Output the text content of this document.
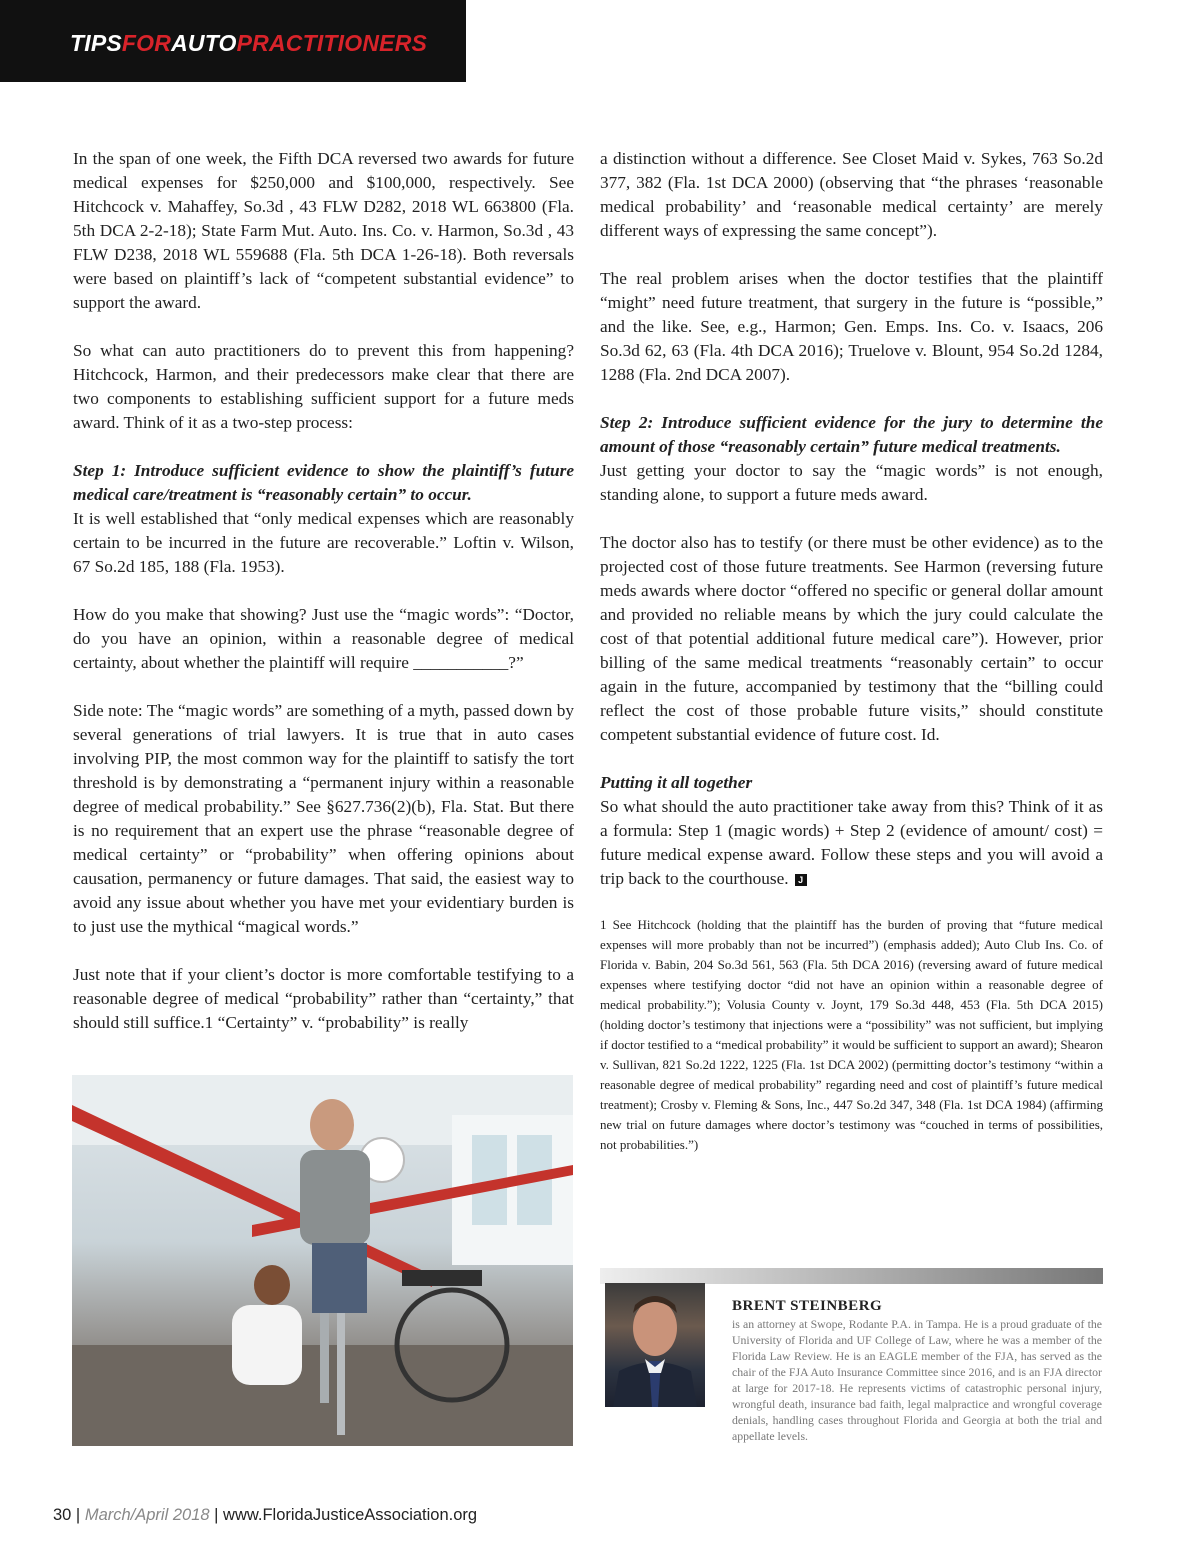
TIPSFORAUTOPRACTITIONERS

In the span of one week, the Fifth DCA reversed two awards for future medical expenses for $250,000 and $100,000, respectively. See Hitchcock v. Mahaffey, So.3d , 43 FLW D282, 2018 WL 663800 (Fla. 5th DCA 2-2-18); State Farm Mut. Auto. Ins. Co. v. Harmon, So.3d , 43 FLW D238, 2018 WL 559688 (Fla. 5th DCA 1-26-18). Both reversals were based on plaintiff’s lack of “competent substantial evidence” to support the award.

So what can auto practitioners do to prevent this from happening? Hitchcock, Harmon, and their predecessors make clear that there are two components to establishing sufficient support for a future meds award. Think of it as a two-step process:

Step 1: Introduce sufficient evidence to show the plaintiff’s future medical care/treatment is “reasonably certain” to occur.

It is well established that “only medical expenses which are reasonably certain to be incurred in the future are recoverable.” Loftin v. Wilson, 67 So.2d 185, 188 (Fla. 1953).

How do you make that showing? Just use the “magic words”: “Doctor, do you have an opinion, within a reasonable degree of medical certainty, about whether the plaintiff will require ___________?”

Side note: The “magic words” are something of a myth, passed down by several generations of trial lawyers. It is true that in auto cases involving PIP, the most common way for the plaintiff to satisfy the tort threshold is by demonstrating a “permanent injury within a reasonable degree of medical probability.” See §627.736(2)(b), Fla. Stat. But there is no requirement that an expert use the phrase “reasonable degree of medical certainty” or “probability” when offering opinions about causation, permanency or future damages. That said, the easiest way to avoid any issue about whether you have met your evidentiary burden is to just use the mythical “magical words.”

Just note that if your client’s doctor is more comfortable testifying to a reasonable degree of medical “probability” rather than “certainty,” that should still suffice.1 “Certainty” v. “probability” is really

a distinction without a difference. See Closet Maid v. Sykes, 763 So.2d 377, 382 (Fla. 1st DCA 2000) (observing that “the phrases ‘reasonable medical probability’ and ‘reasonable medical certainty’ are merely different ways of expressing the same concept”).

The real problem arises when the doctor testifies that the plaintiff “might” need future treatment, that surgery in the future is “possible,” and the like. See, e.g., Harmon; Gen. Emps. Ins. Co. v. Isaacs, 206 So.3d 62, 63 (Fla. 4th DCA 2016); Truelove v. Blount, 954 So.2d 1284, 1288 (Fla. 2nd DCA 2007).

Step 2: Introduce sufficient evidence for the jury to determine the amount of those “reasonably certain” future medical treatments.

Just getting your doctor to say the “magic words” is not enough, standing alone, to support a future meds award.

The doctor also has to testify (or there must be other evidence) as to the projected cost of those future treatments. See Harmon (reversing future meds awards where doctor “offered no specific or general dollar amount and provided no reliable means by which the jury could calculate the cost of that potential additional future medical care”). However, prior billing of the same medical treatments “reasonably certain” to occur again in the future, accompanied by testimony that the “billing could reflect the cost of those probable future visits,” should constitute competent substantial evidence of future cost. Id.

Putting it all together

So what should the auto practitioner take away from this? Think of it as a formula: Step 1 (magic words) + Step 2 (evidence of amount/ cost) = future medical expense award. Follow these steps and you will avoid a trip back to the courthouse. J

1 See Hitchcock (holding that the plaintiff has the burden of proving that “future medical expenses will more probably than not be incurred”) (emphasis added); Auto Club Ins. Co. of Florida v. Babin, 204 So.3d 561, 563 (Fla. 5th DCA 2016) (reversing award of future medical expenses where testifying doctor “did not have an opinion within a reasonable degree of medical probability.”); Volusia County v. Joynt, 179 So.3d 448, 453 (Fla. 5th DCA 2015) (holding doctor’s testimony that injections were a “possibility” was not sufficient, but implying if doctor testified to a “medical probability” it would be sufficient to support an award); Shearon v. Sullivan, 821 So.2d 1222, 1225 (Fla. 1st DCA 2002) (permitting doctor’s testimony “within a reasonable degree of medical probability” regarding need and cost of plaintiff’s future medical treatment); Crosby v. Fleming & Sons, Inc., 447 So.2d 347, 348 (Fla. 1st DCA 1984) (affirming new trial on future damages where doctor’s testimony was “couched in terms of possibilities, not probabilities.”)
BRENT STEINBERG
is an attorney at Swope, Rodante P.A. in Tampa. He is a proud graduate of the University of Florida and UF College of Law, where he was a member of the Florida Law Review. He is an EAGLE member of the FJA, has served as the chair of the FJA Auto Insurance Committee since 2016, and is an FJA director at large for 2017-18. He represents victims of catastrophic personal injury, wrongful death, insurance bad faith, legal malpractice and wrongful coverage denials, handling cases throughout Florida and Georgia at both the trial and appellate levels.
30 | March/April 2018 | www.FloridaJusticeAssociation.org
